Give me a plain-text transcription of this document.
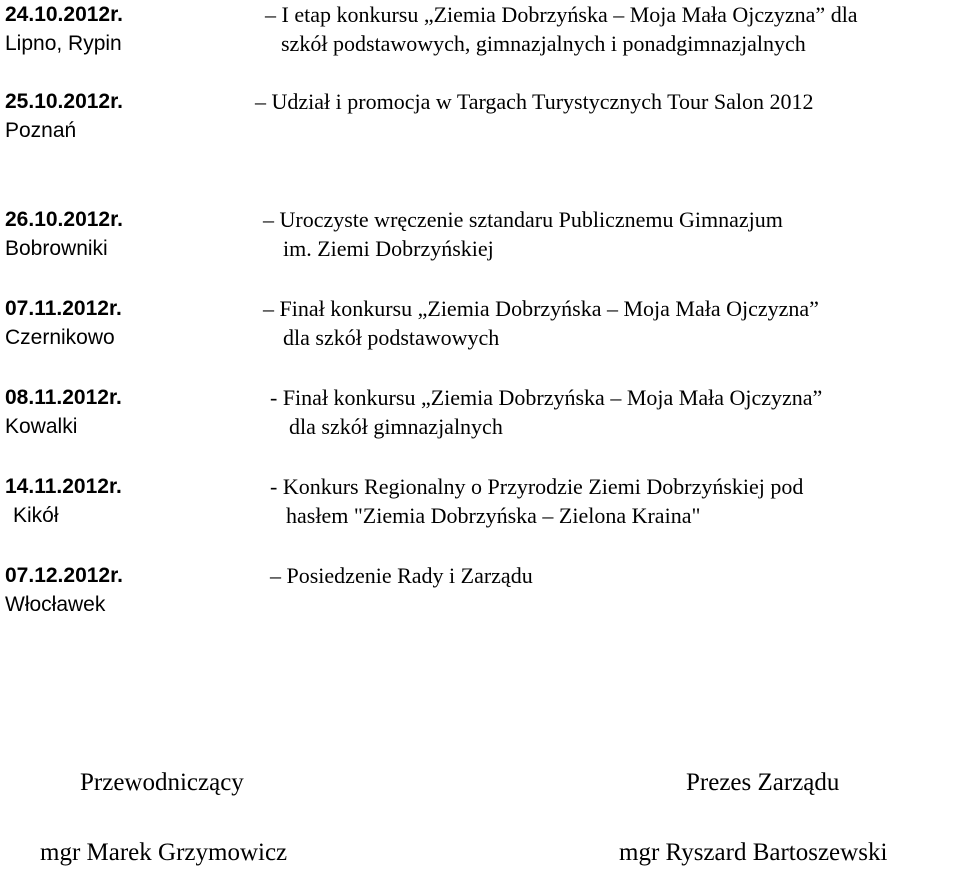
24.10.2012r.
Lipno, Rypin
– I etap konkursu „Ziemia Dobrzyńska – Moja Mała Ojczyzna” dla
szkół podstawowych, gimnazjalnych i ponadgimnazjalnych
25.10.2012r.
Poznań
– Udział i promocja w Targach Turystycznych Tour Salon 2012
26.10.2012r.
Bobrowniki
– Uroczyste wręczenie sztandaru Publicznemu Gimnazjum
im. Ziemi Dobrzyńskiej
07.11.2012r.
Czernikowo
– Finał konkursu „Ziemia Dobrzyńska – Moja Mała Ojczyzna”
dla szkół podstawowych
08.11.2012r.
Kowalki
- Finał konkursu „Ziemia Dobrzyńska – Moja Mała Ojczyzna”
dla szkół gimnazjalnych
14.11.2012r.
Kikół
- Konkurs Regionalny o Przyrodzie Ziemi Dobrzyńskiej pod
hasłem "Ziemia Dobrzyńska – Zielona Kraina"
07.12.2012r.
Włocławek
– Posiedzenie Rady i Zarządu
Przewodniczący
mgr Marek Grzymowicz
Prezes Zarządu
mgr Ryszard Bartoszewski
